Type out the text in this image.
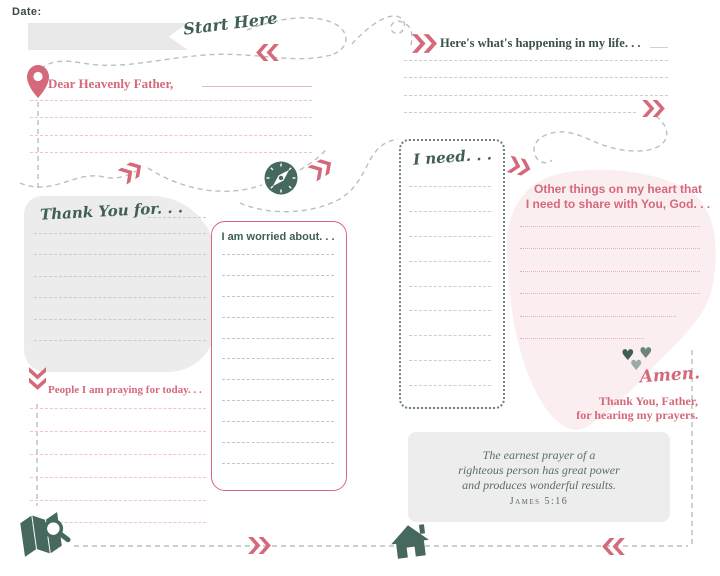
Date:	Start Here
Dear Heavenly Father,
Thank You for. . .
I am worried about. . .
People I am praying for today. . .
Here's what's happening in my life. . .
I need. . .
Other things on my heart that
I need to share with You, God. . .
♥ ♥
♥
Amen.
Thank You, Father,
for hearing my prayers.
The earnest prayer of a
righteous person has great power
and produces wonderful results.
James 5:16
